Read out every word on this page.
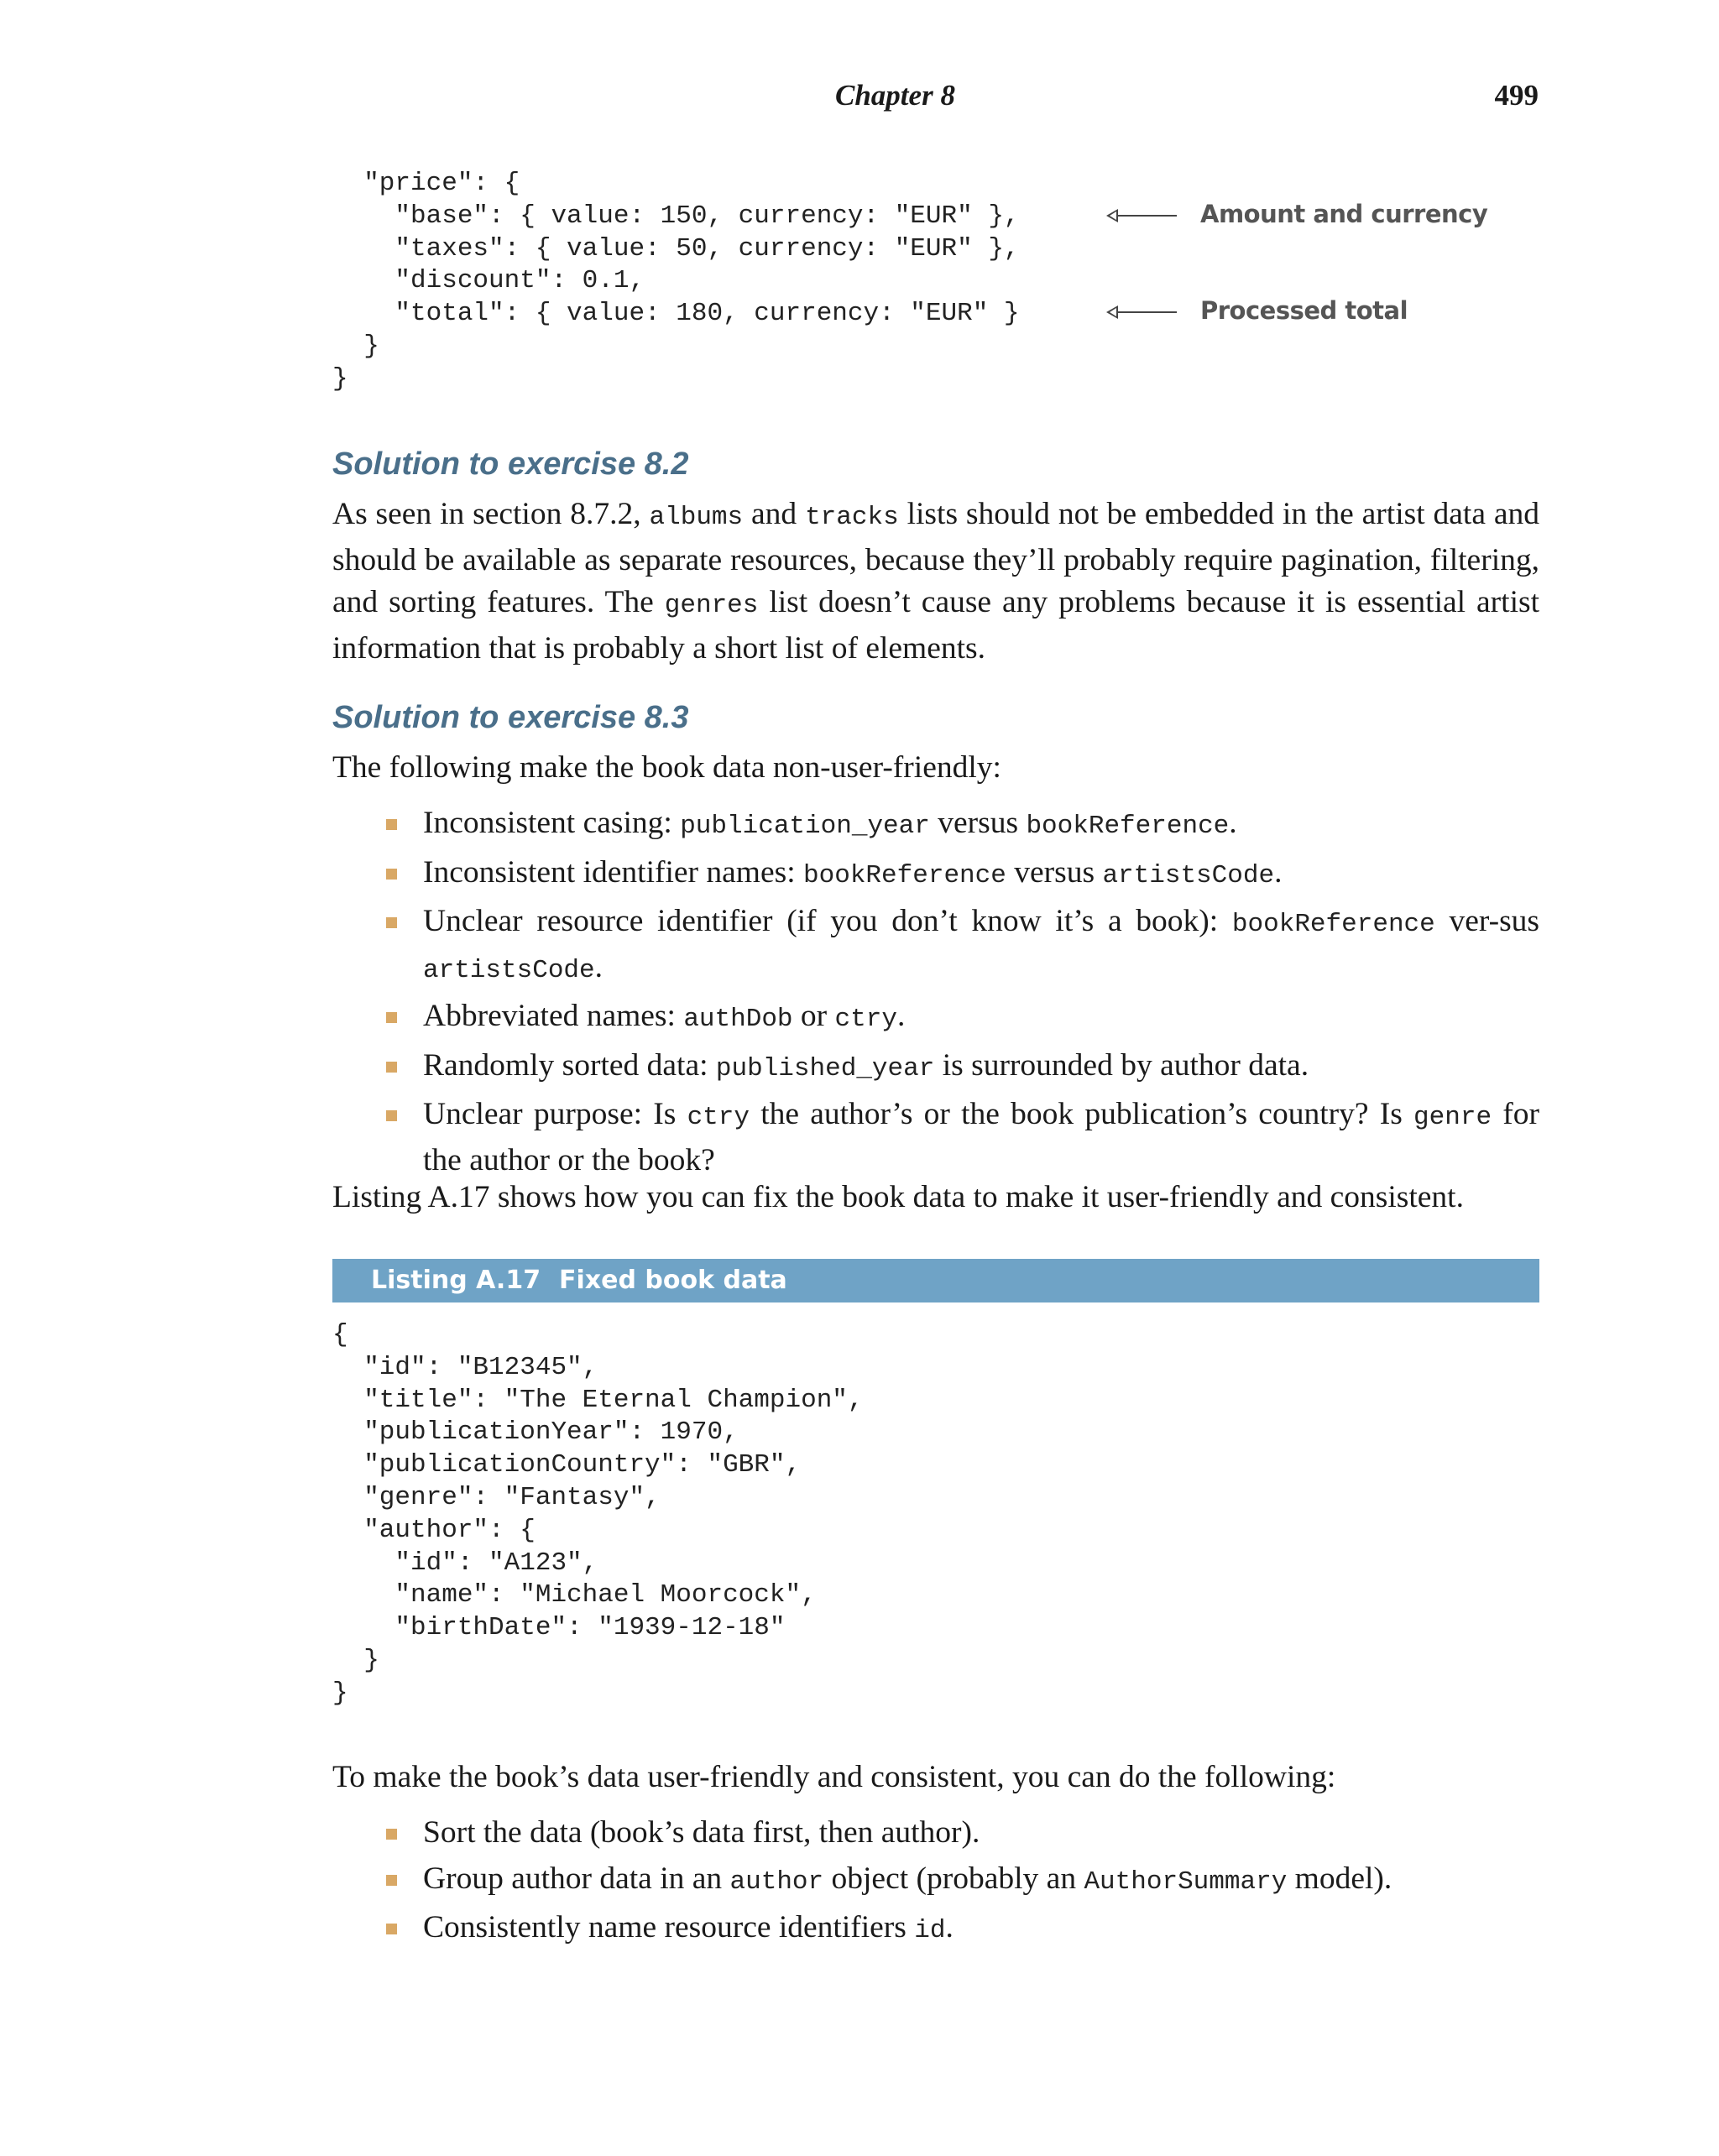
Chapter 8	499
"price": {
"base": { value: 150, currency: "EUR" },
"taxes": { value: 50, currency: "EUR" },
"discount": 0.1,
"total": { value: 180, currency: "EUR" }
}
}
Amount and currency
Processed total
Solution to exercise 8.2

As seen in section 8.7.2, albums and tracks lists should not be embedded in the artist data and should be available as separate resources, because they’ll probably require pagination, filtering, and sorting features. The genres list doesn’t cause any problems because it is essential artist information that is probably a short list of elements.

Solution to exercise 8.3

The following make the book data non-user-friendly:

Inconsistent casing: publication_year versus bookReference.
Inconsistent identifier names: bookReference versus artistsCode.
Unclear resource identifier (if you don’t know it’s a book): bookReference ver-sus artistsCode.
Abbreviated names: authDob or ctry.
Randomly sorted data: published_year is surrounded by author data.
Unclear purpose: Is ctry the author’s or the book publication’s country? Is genre for the author or the book?

Listing A.17 shows how you can fix the book data to make it user-friendly and consistent.

Listing A.17 Fixed book data
{
"id": "B12345",
"title": "The Eternal Champion",
"publicationYear": 1970,
"publicationCountry": "GBR",
"genre": "Fantasy",
"author": {
"id": "A123",
"name": "Michael Moorcock",
"birthDate": "1939-12-18"
}
}

To make the book’s data user-friendly and consistent, you can do the following:

Sort the data (book’s data first, then author).
Group author data in an author object (probably an AuthorSummary model).
Consistently name resource identifiers id.
